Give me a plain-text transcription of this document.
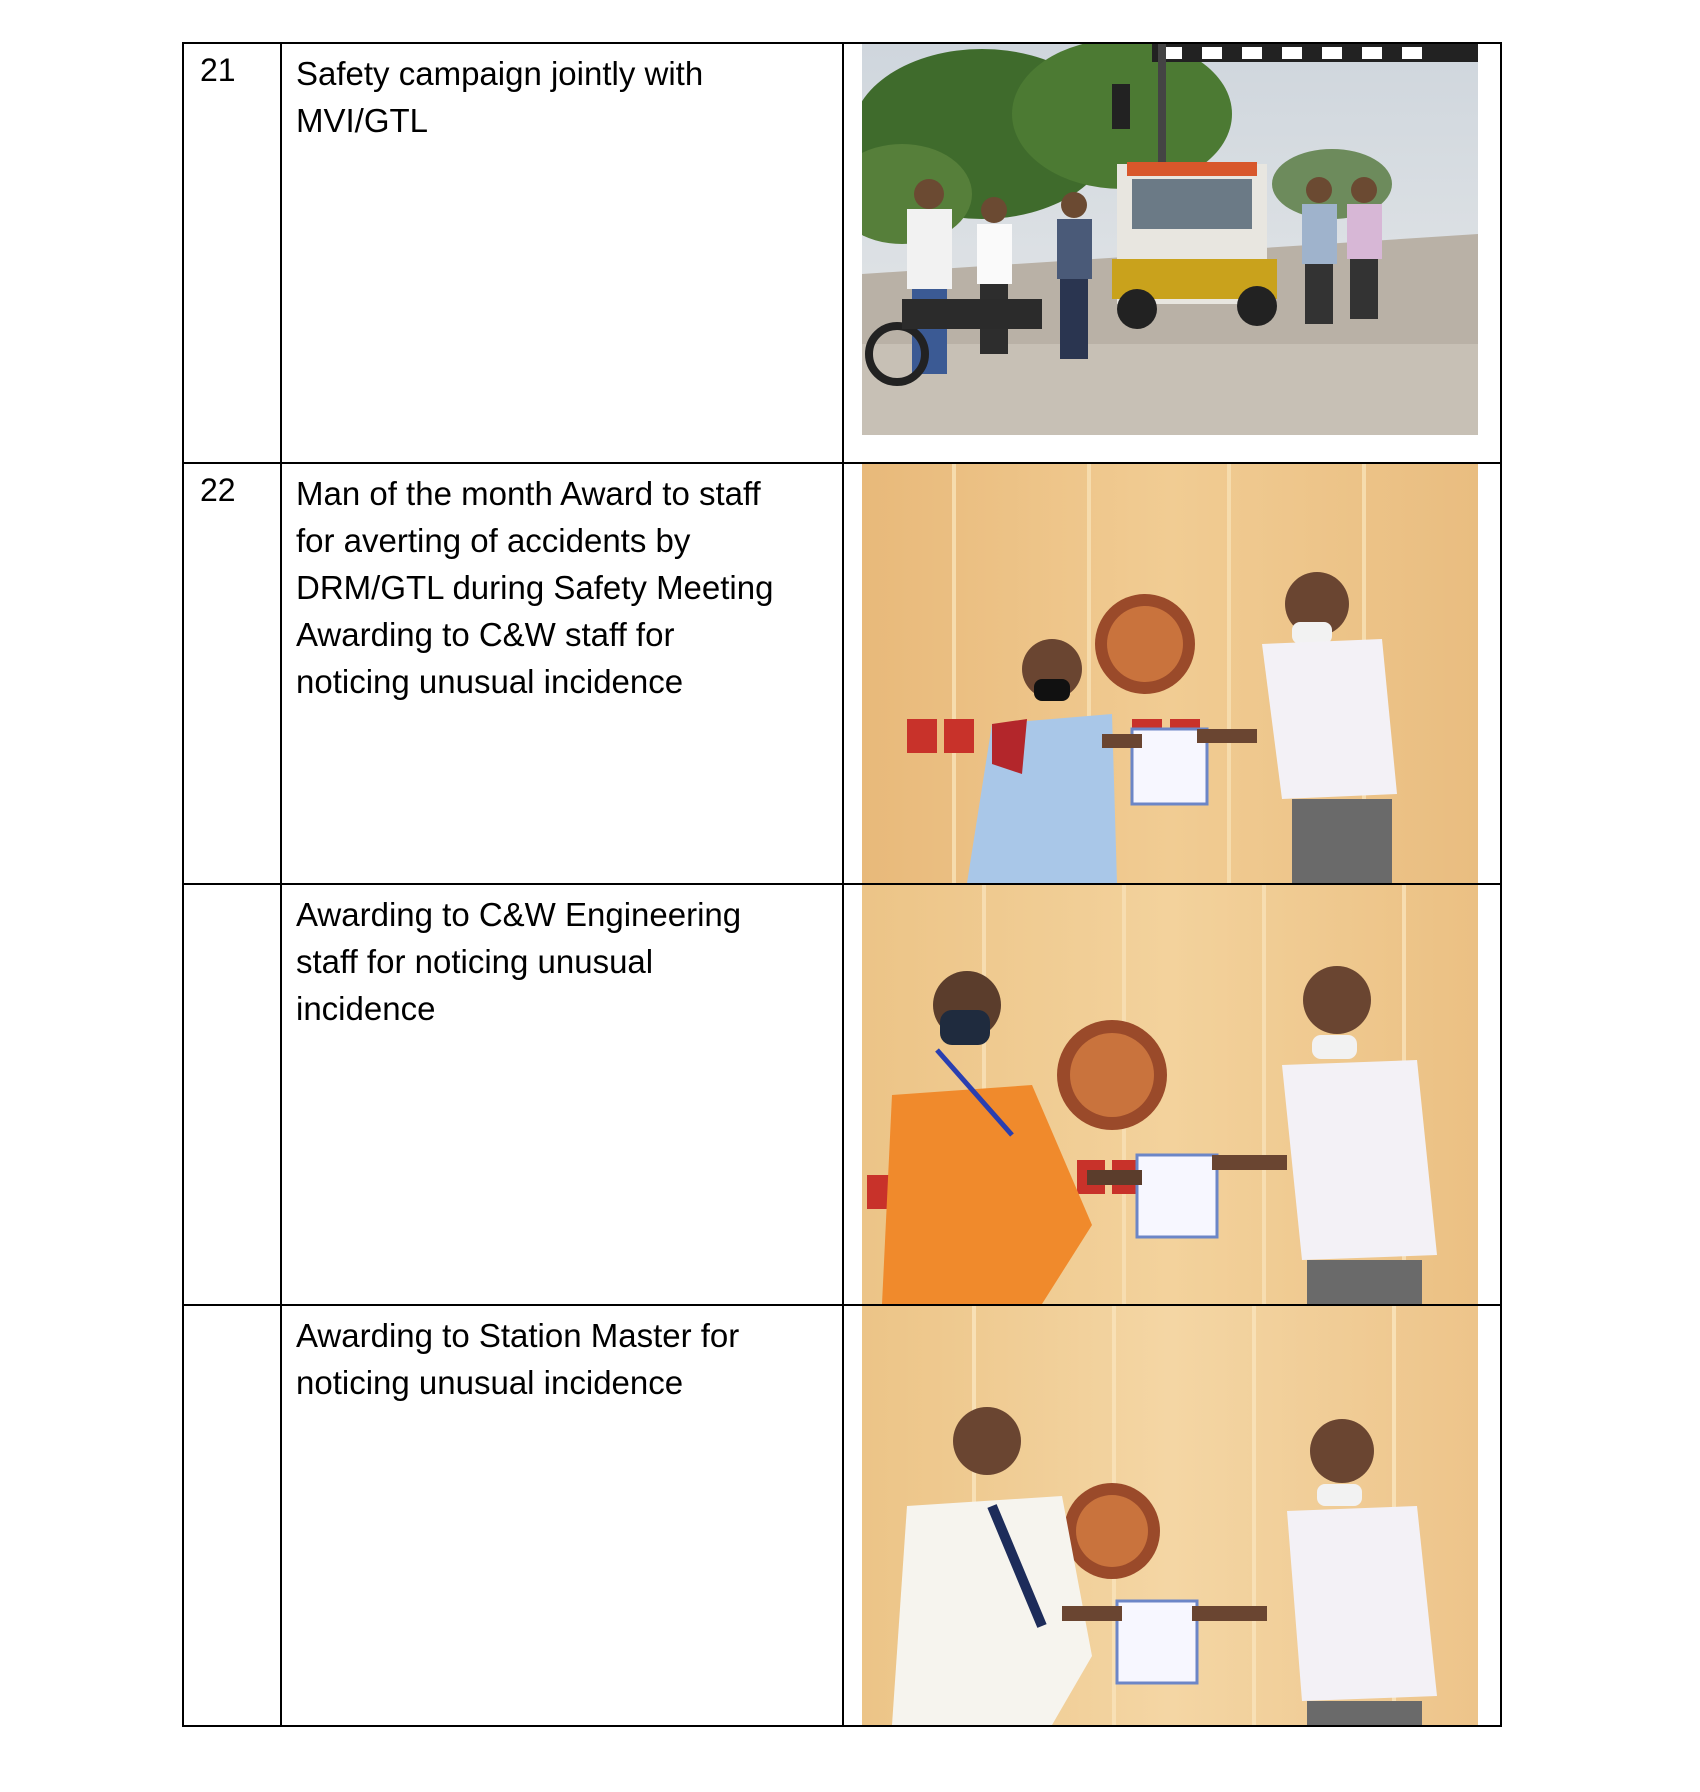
21	Safety campaign jointly with
MVI/GTL

22	Man of the month Award to staff
for averting of accidents by
DRM/GTL during Safety Meeting
Awarding to C&W staff for
noticing unusual incidence

	Awarding to C&W Engineering
staff for noticing unusual
incidence

	Awarding to Station Master for
noticing unusual incidence
